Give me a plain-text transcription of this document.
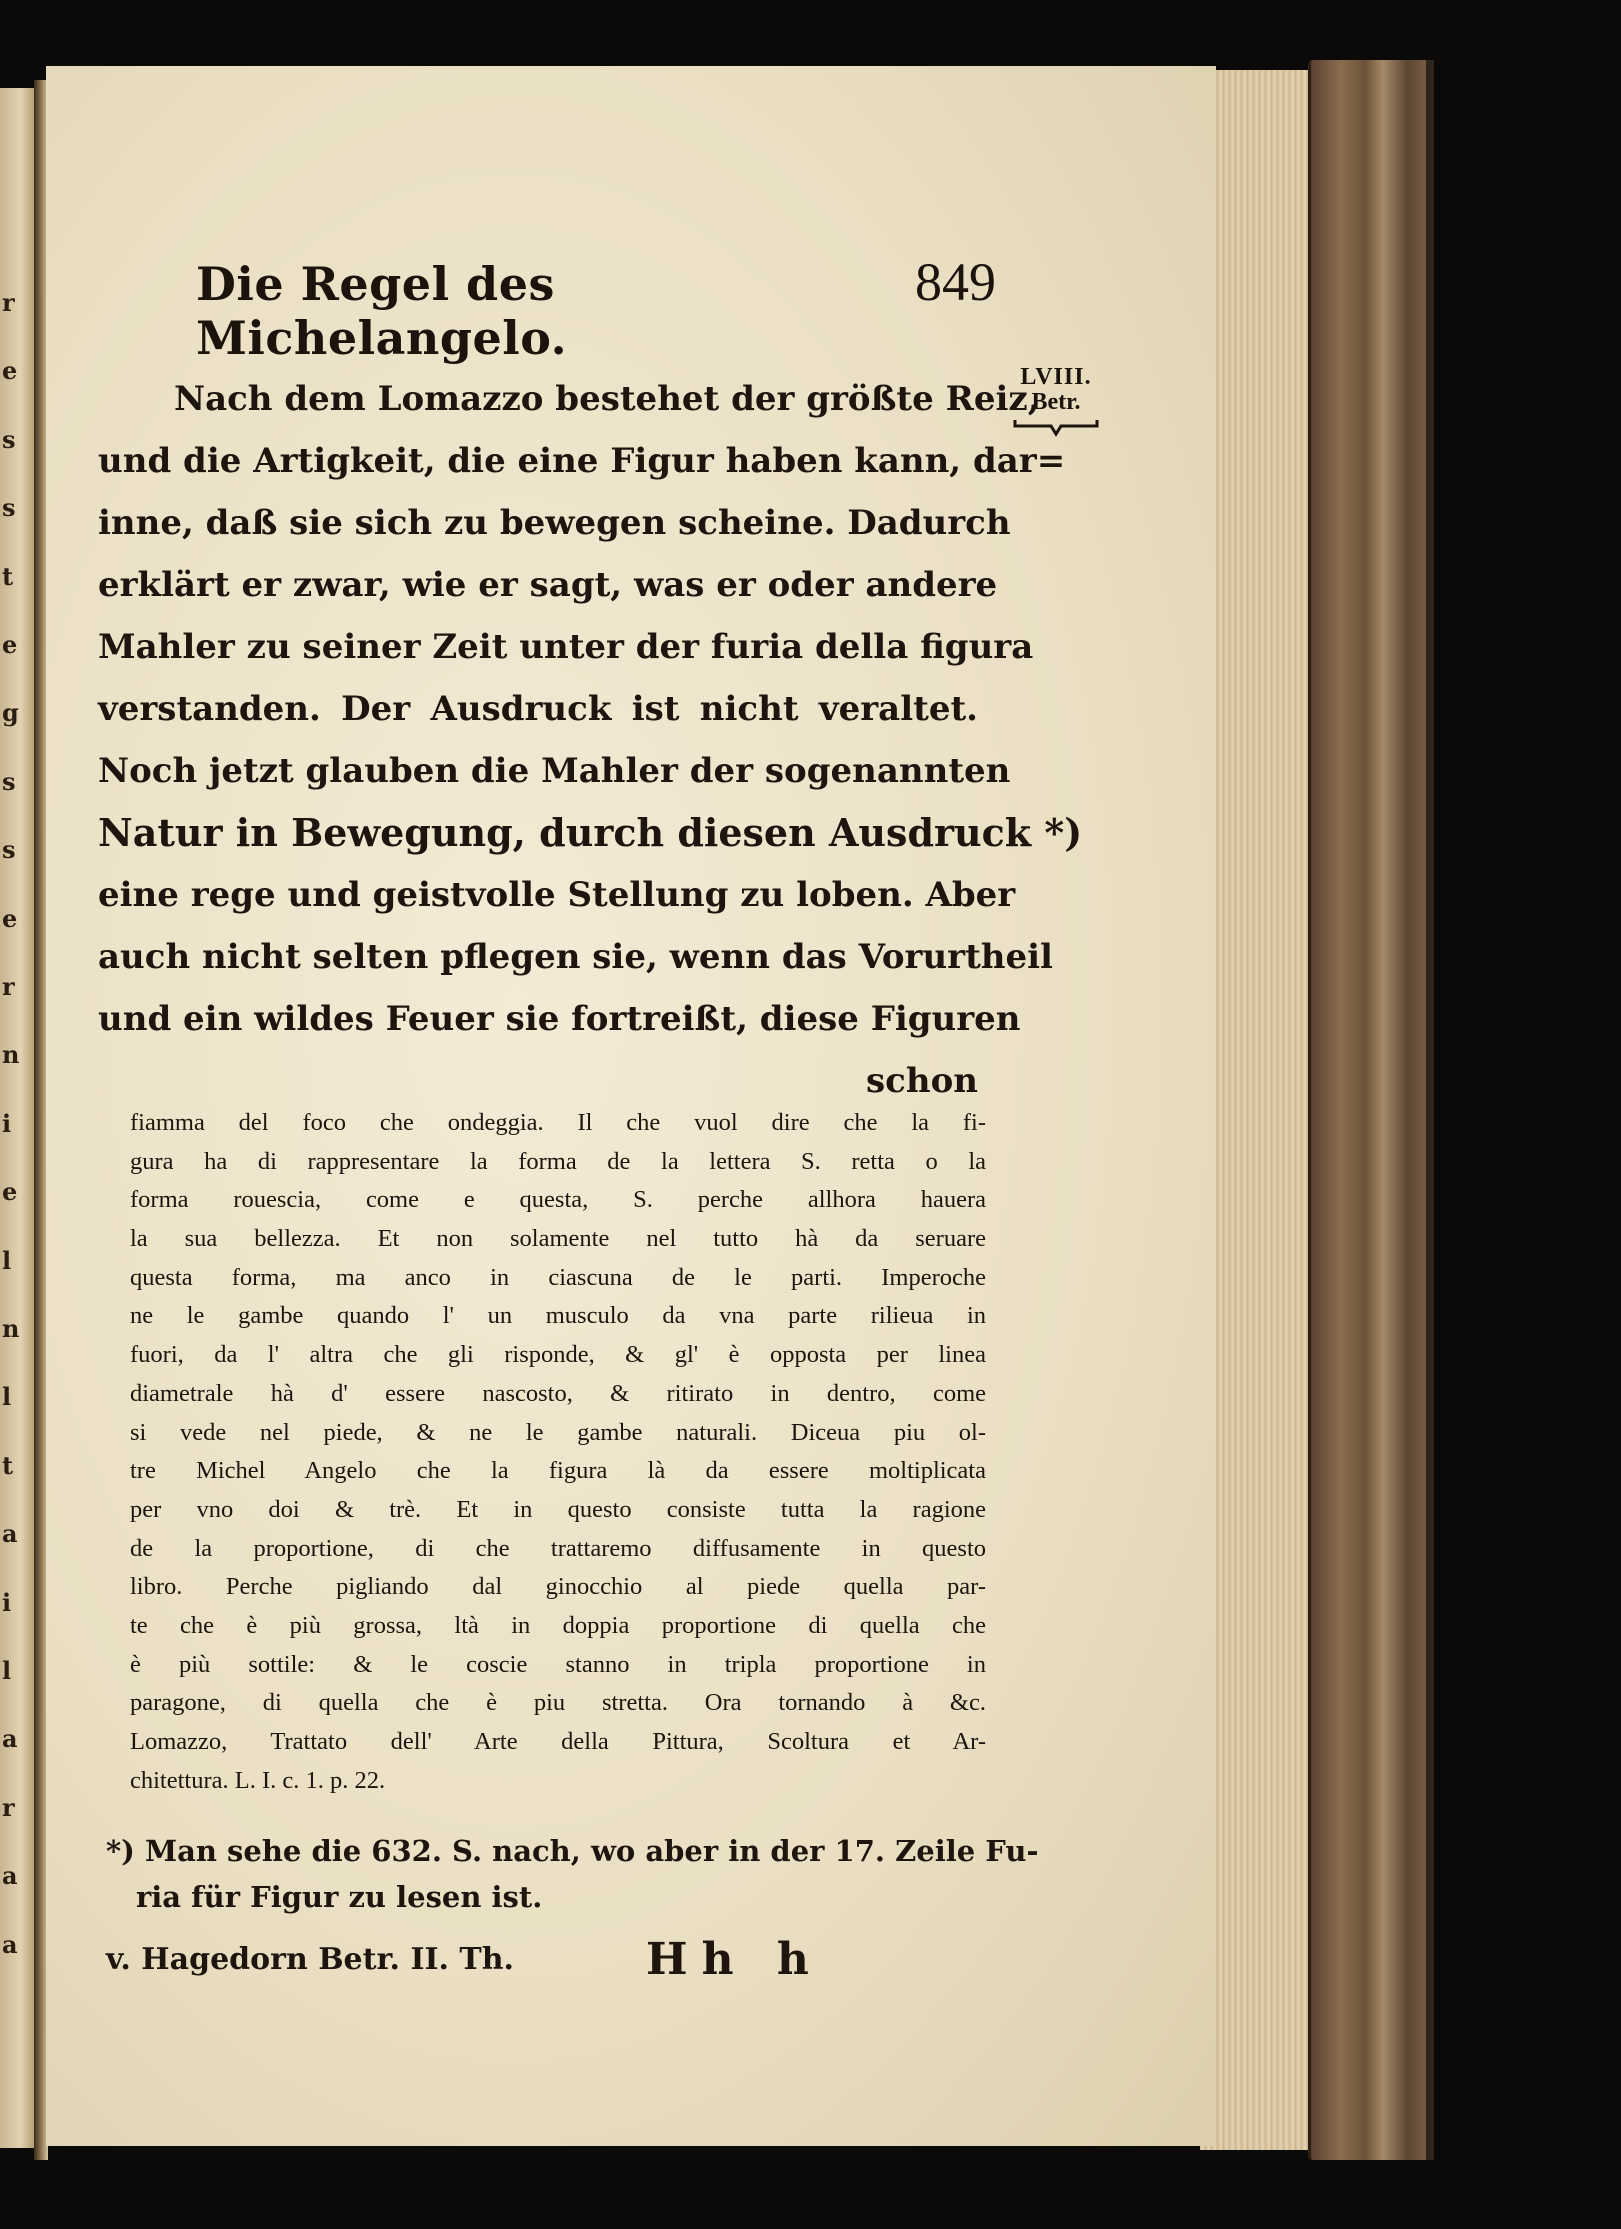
r
e
s
s
t
e
g
s
s
e
r
n
i
e
l
n
l
t
a
i
l
a
r
a
a
Die Regel des Michelangelo.
849
LVIII.
Betr.
Nach dem Lomazzo bestehet der größte Reiz,
und die Artigkeit, die eine Figur haben kann, dar=
inne, daß sie sich zu bewegen scheine. Dadurch
erklärt er zwar, wie er sagt, was er oder andere
Mahler zu seiner Zeit unter der furia della figura
verstanden. Der Ausdruck ist nicht veraltet.
Noch jetzt glauben die Mahler der sogenannten
Natur in Bewegung, durch diesen Ausdruck *)
eine rege und geistvolle Stellung zu loben. Aber
auch nicht selten pflegen sie, wenn das Vorurtheil
und ein wildes Feuer sie fortreißt, diese Figuren
schon
fiamma del foco che ondeggia. Il che vuol dire che la fi-
gura ha di rappresentare la forma de la lettera S. retta o la
forma rouescia, come e questa, S. perche allhora hauera
la sua bellezza. Et non solamente nel tutto hà da seruare
questa forma, ma anco in ciascuna de le parti. Imperoche
ne le gambe quando l' un musculo da vna parte rilieua in
fuori, da l' altra che gli risponde, & gl' è opposta per linea
diametrale hà d' essere nascosto, & ritirato in dentro, come
si vede nel piede, & ne le gambe naturali. Diceua piu ol-
tre Michel Angelo che la figura là da essere moltiplicata
per vno doi & trè. Et in questo consiste tutta la ragione
de la proportione, di che trattaremo diffusamente in questo
libro. Perche pigliando dal ginocchio al piede quella par-
te che è più grossa, ltà in doppia proportione di quella che
è più sottile: & le coscie stanno in tripla proportione in
paragone, di quella che è piu stretta. Ora tornando à &c.
Lomazzo, Trattato dell' Arte della Pittura, Scoltura et Ar-
chitettura. L. I. c. 1. p. 22.
*) Man sehe die 632. S. nach, wo aber in der 17. Zeile Fu-
ria für Figur zu lesen ist.
v. Hagedorn Betr. II. Th.	Hh h
